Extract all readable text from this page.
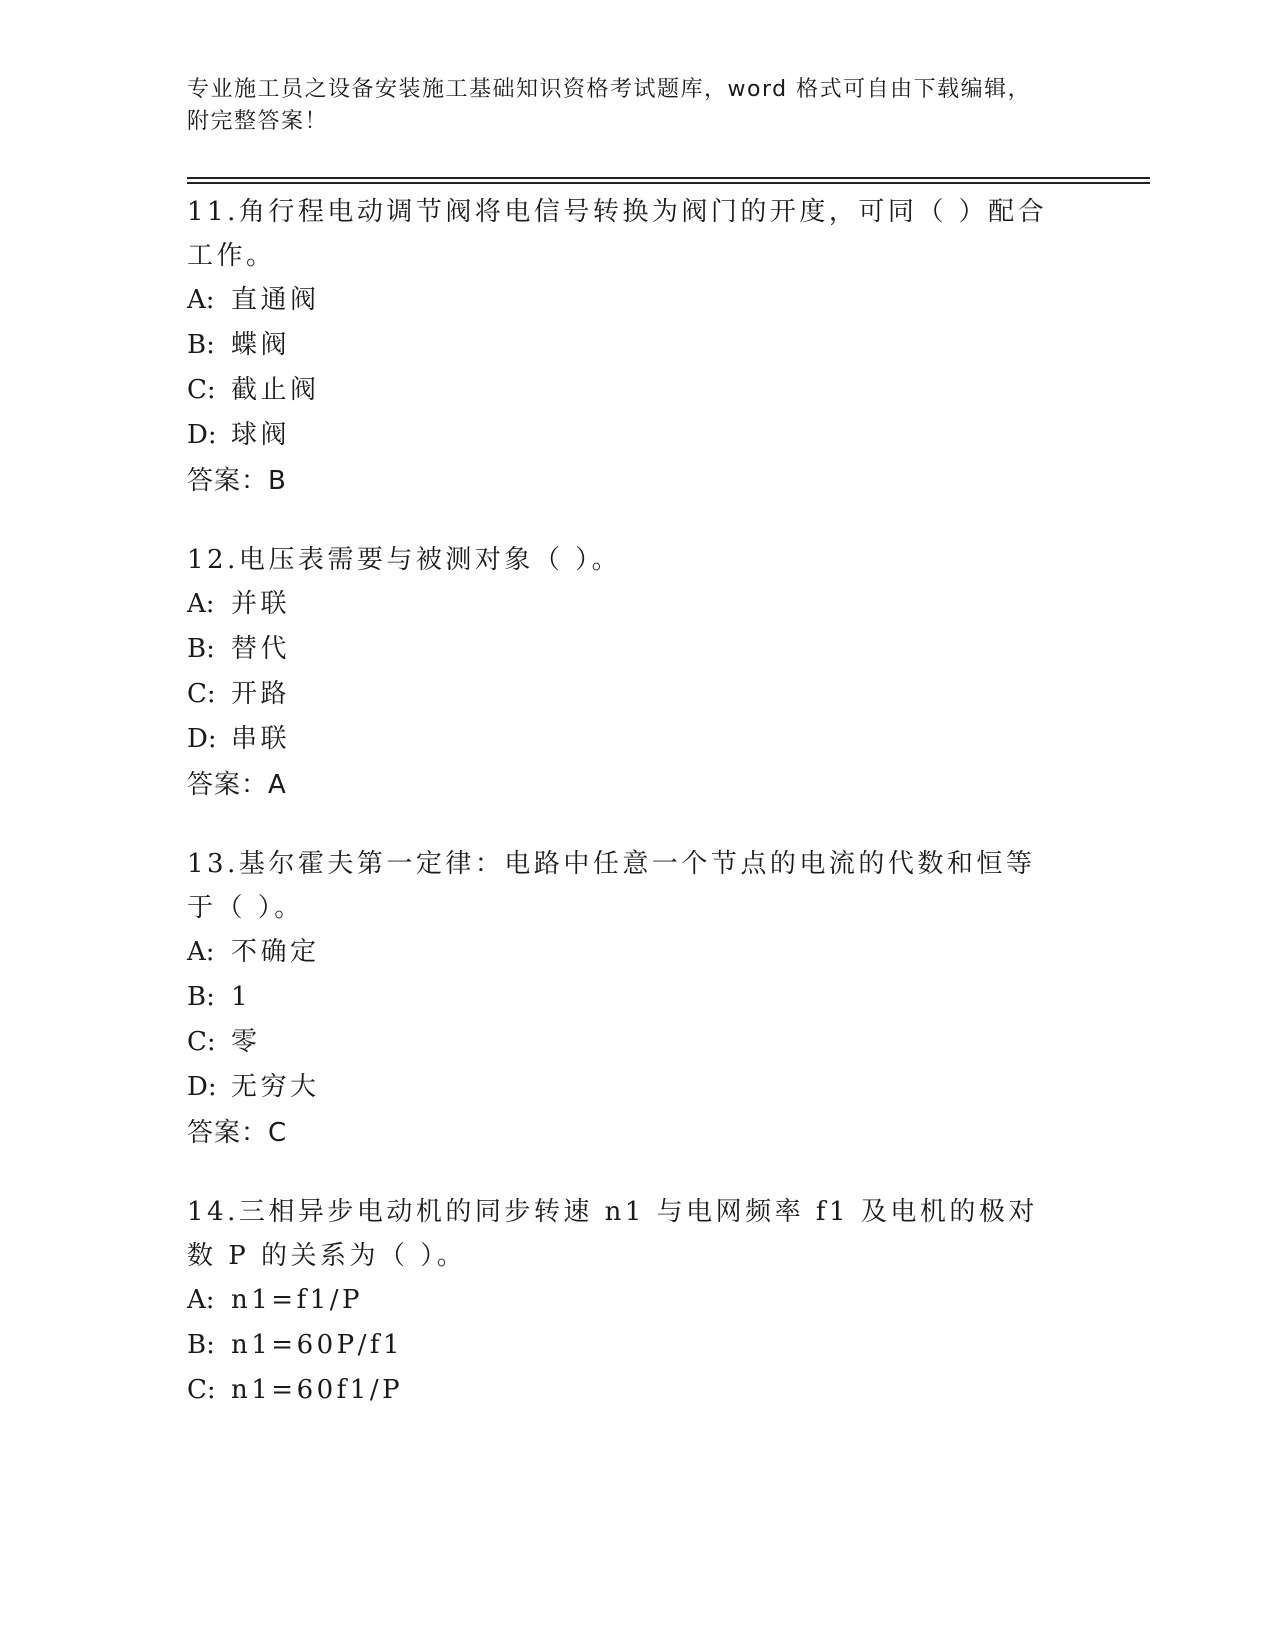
专业施工员之设备安装施工基础知识资格考试题库，word 格式可自由下载编辑，
附完整答案！
11.角行程电动调节阀将电信号转换为阀门的开度，可同（ ）配合工作。
A: 直通阀
B: 蝶阀
C: 截止阀
D: 球阀
答案：B
12.电压表需要与被测对象（ ）。
A: 并联
B: 替代
C: 开路
D: 串联
答案：A
13.基尔霍夫第一定律：电路中任意一个节点的电流的代数和恒等于（ ）。
A: 不确定
B: 1
C: 零
D: 无穷大
答案：C
14.三相异步电动机的同步转速 n1 与电网频率 f1 及电机的极对数 P 的关系为（ ）。
A: n1=f1/P
B: n1=60P/f1
C: n1=60f1/P
